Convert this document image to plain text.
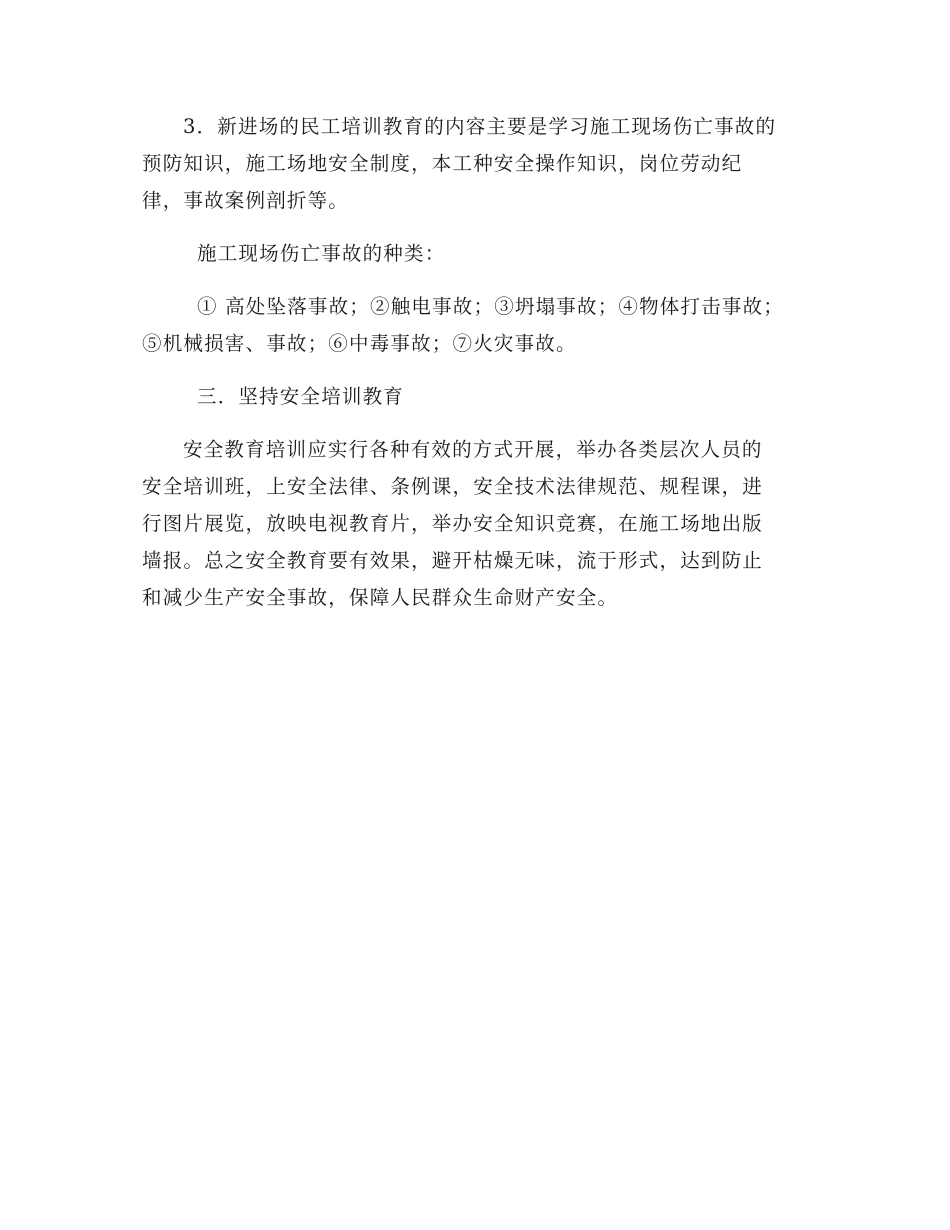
3．新进场的民工培训教育的内容主要是学习施工现场伤亡事故的
预防知识，施工场地安全制度，本工种安全操作知识，岗位劳动纪
律，事故案例剖折等。
施工现场伤亡事故的种类：
① 高处坠落事故；②触电事故；③坍塌事故；④物体打击事故；
⑤机械损害、事故；⑥中毒事故；⑦火灾事故。
三．坚持安全培训教育
安全教育培训应实行各种有效的方式开展，举办各类层次人员的
安全培训班，上安全法律、条例课，安全技术法律规范、规程课，进
行图片展览，放映电视教育片，举办安全知识竞赛，在施工场地出版
墙报。总之安全教育要有效果，避开枯燥无味，流于形式，达到防止
和减少生产安全事故，保障人民群众生命财产安全。
